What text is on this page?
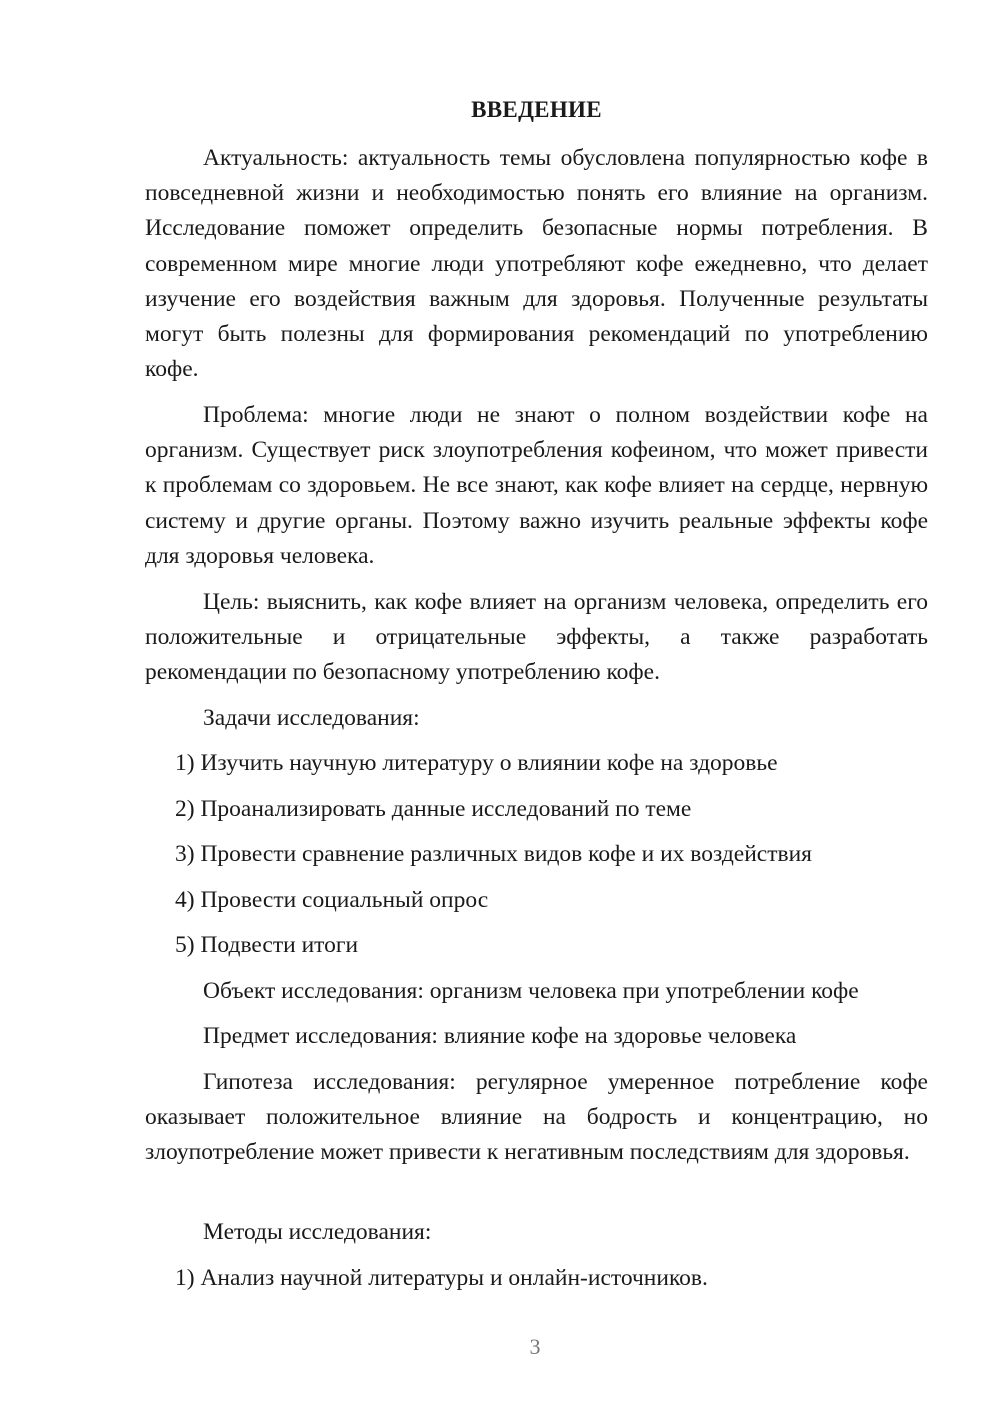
ВВЕДЕНИЕ

Актуальность: актуальность темы обусловлена популярностью кофе в повседневной жизни и необходимостью понять его влияние на организм. Исследование поможет определить безопасные нормы потребления. В современном мире многие люди употребляют кофе ежедневно, что делает изучение его воздействия важным для здоровья. Полученные результаты могут быть полезны для формирования рекомендаций по употреблению кофе.

Проблема: многие люди не знают о полном воздействии кофе на организм. Существует риск злоупотребления кофеином, что может привести к проблемам со здоровьем. Не все знают, как кофе влияет на сердце, нервную систему и другие органы. Поэтому важно изучить реальные эффекты кофе для здоровья человека.

Цель: выяснить, как кофе влияет на организм человека, определить его положительные и отрицательные эффекты, а также разработать рекомендации по безопасному употреблению кофе.

Задачи исследования:

1) Изучить научную литературу о влиянии кофе на здоровье

2) Проанализировать данные исследований по теме

3) Провести сравнение различных видов кофе и их воздействия

4) Провести социальный опрос

5) Подвести итоги

Объект исследования: организм человека при употреблении кофе

Предмет исследования: влияние кофе на здоровье человека

Гипотеза исследования: регулярное умеренное потребление кофе оказывает положительное влияние на бодрость и концентрацию, но злоупотребление может привести к негативным последствиям для здоровья.

Методы исследования:

1) Анализ научной литературы и онлайн-источников.

3
